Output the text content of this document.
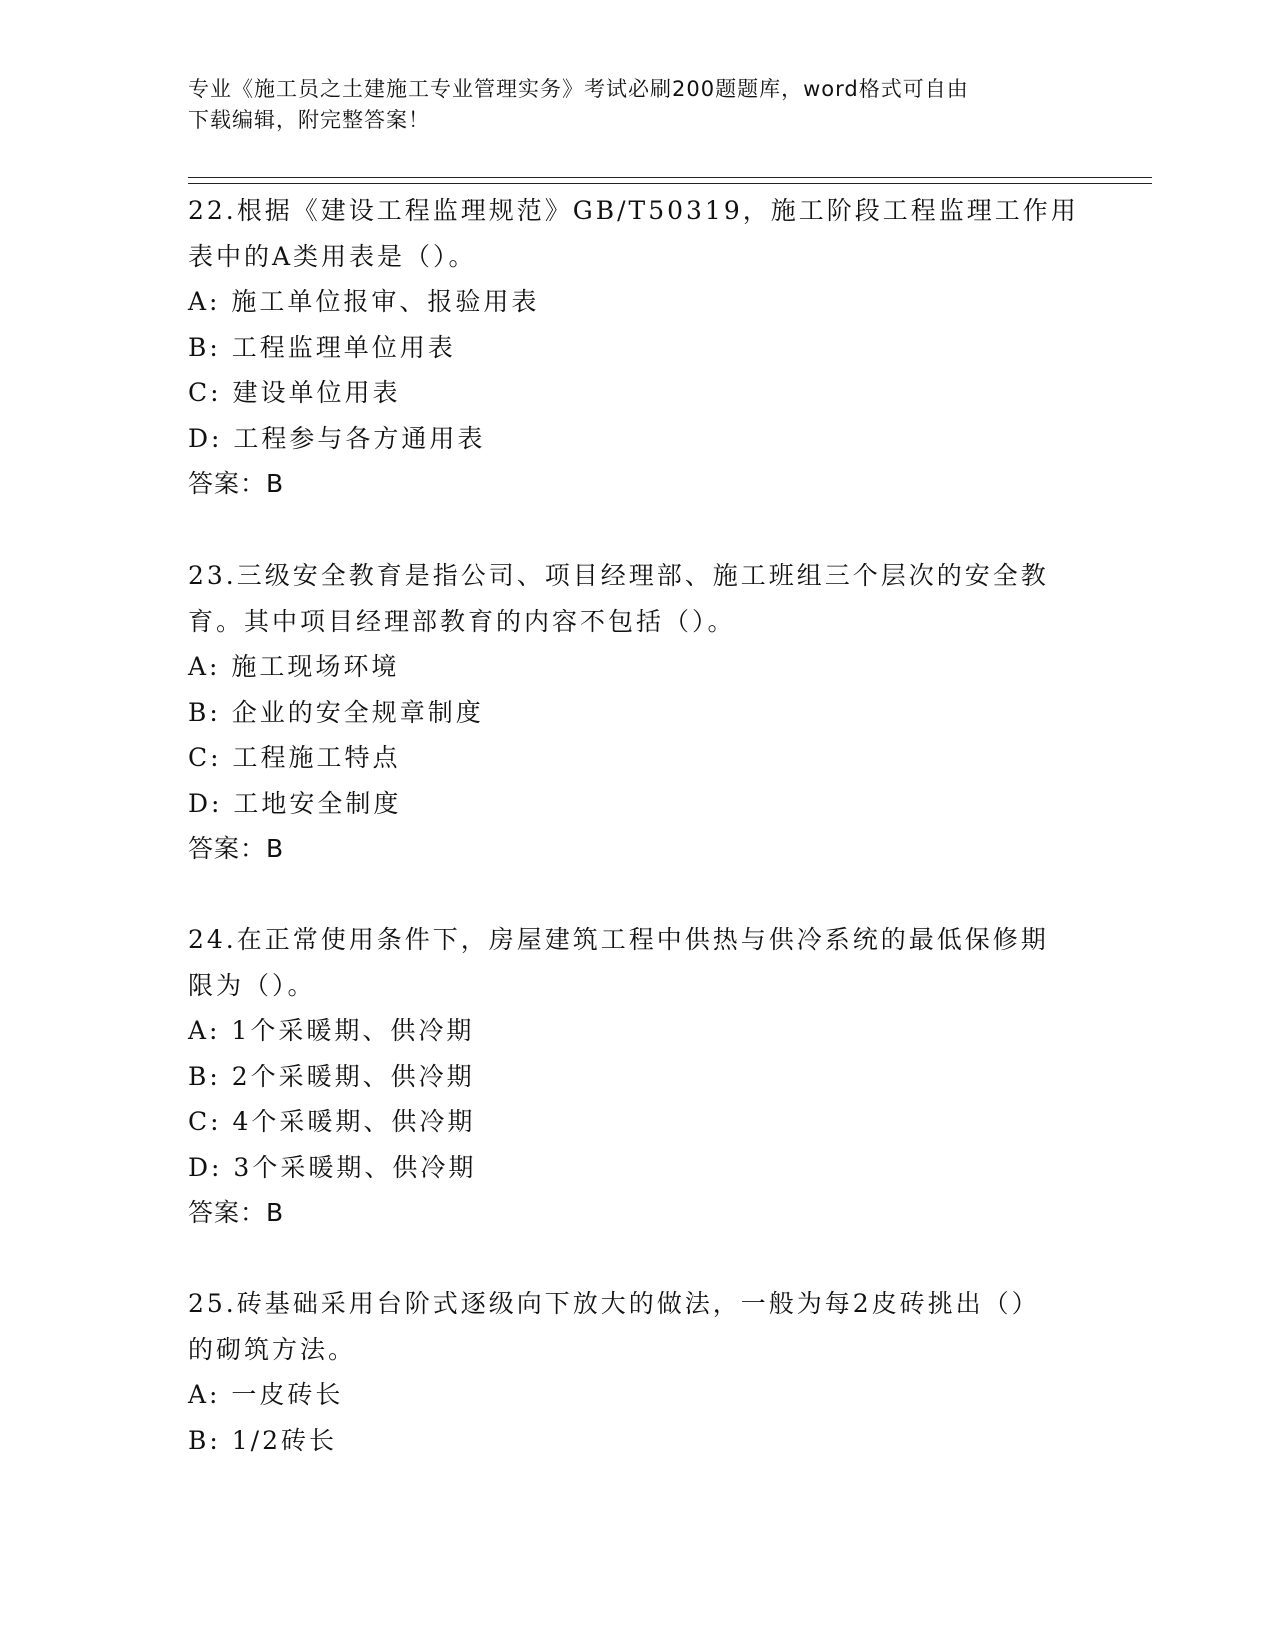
专业《施工员之土建施工专业管理实务》考试必刷200题题库，word格式可自由
下载编辑，附完整答案！

22.根据《建设工程监理规范》GB/T50319，施工阶段工程监理工作用

表中的A类用表是（）。

A: 施工单位报审、报验用表

B: 工程监理单位用表

C: 建设单位用表

D: 工程参与各方通用表

答案：B

23.三级安全教育是指公司、项目经理部、施工班组三个层次的安全教

育。其中项目经理部教育的内容不包括（）。

A: 施工现场环境

B: 企业的安全规章制度

C: 工程施工特点

D: 工地安全制度

答案：B

24.在正常使用条件下，房屋建筑工程中供热与供冷系统的最低保修期

限为（）。

A: 1个采暖期、供冷期

B: 2个采暖期、供冷期

C: 4个采暖期、供冷期

D: 3个采暖期、供冷期

答案：B

25.砖基础采用台阶式逐级向下放大的做法，一般为每2皮砖挑出（）

的砌筑方法。

A: 一皮砖长

B: 1/2砖长
